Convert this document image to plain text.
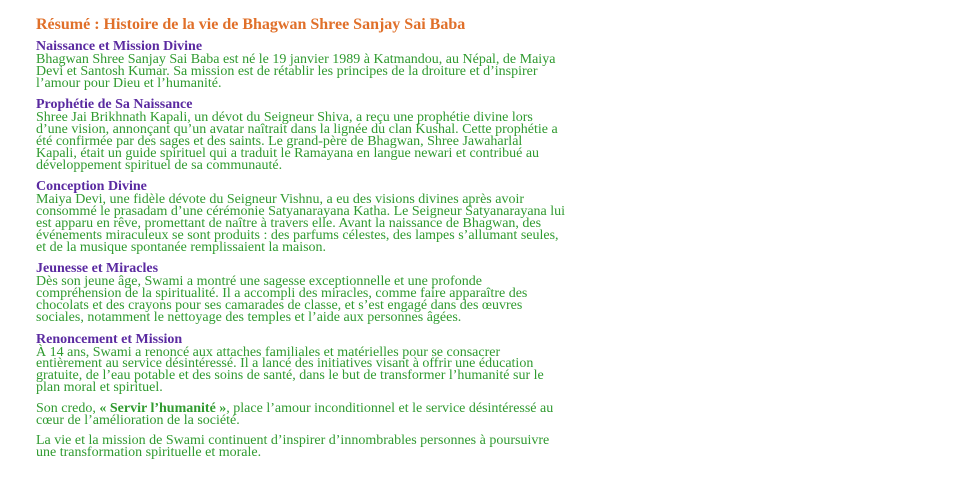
Résumé : Histoire de la vie de Bhagwan Shree Sanjay Sai Baba
Naissance et Mission Divine
Bhagwan Shree Sanjay Sai Baba est né le 19 janvier 1989 à Katmandou, au Népal, de Maiya
Devi et Santosh Kumar. Sa mission est de rétablir les principes de la droiture et d’inspirer
l’amour pour Dieu et l’humanité.
Prophétie de Sa Naissance
Shree Jai Brikhnath Kapali, un dévot du Seigneur Shiva, a reçu une prophétie divine lors
d’une vision, annonçant qu’un avatar naîtrait dans la lignée du clan Kushal. Cette prophétie a
été confirmée par des sages et des saints. Le grand-père de Bhagwan, Shree Jawaharlal
Kapali, était un guide spirituel qui a traduit le Ramayana en langue newari et contribué au
développement spirituel de sa communauté.
Conception Divine
Maiya Devi, une fidèle dévote du Seigneur Vishnu, a eu des visions divines après avoir
consommé le prasadam d’une cérémonie Satyanarayana Katha. Le Seigneur Satyanarayana lui
est apparu en rêve, promettant de naître à travers elle. Avant la naissance de Bhagwan, des
événements miraculeux se sont produits : des parfums célestes, des lampes s’allumant seules,
et de la musique spontanée remplissaient la maison.
Jeunesse et Miracles
Dès son jeune âge, Swami a montré une sagesse exceptionnelle et une profonde
compréhension de la spiritualité. Il a accompli des miracles, comme faire apparaître des
chocolats et des crayons pour ses camarades de classe, et s’est engagé dans des œuvres
sociales, notamment le nettoyage des temples et l’aide aux personnes âgées.
Renoncement et Mission
À 14 ans, Swami a renoncé aux attaches familiales et matérielles pour se consacrer
entièrement au service désintéressé. Il a lancé des initiatives visant à offrir une éducation
gratuite, de l’eau potable et des soins de santé, dans le but de transformer l’humanité sur le
plan moral et spirituel.
Son credo, « Servir l’humanité », place l’amour inconditionnel et le service désintéressé au
cœur de l’amélioration de la société.
La vie et la mission de Swami continuent d’inspirer d’innombrables personnes à poursuivre
une transformation spirituelle et morale.
